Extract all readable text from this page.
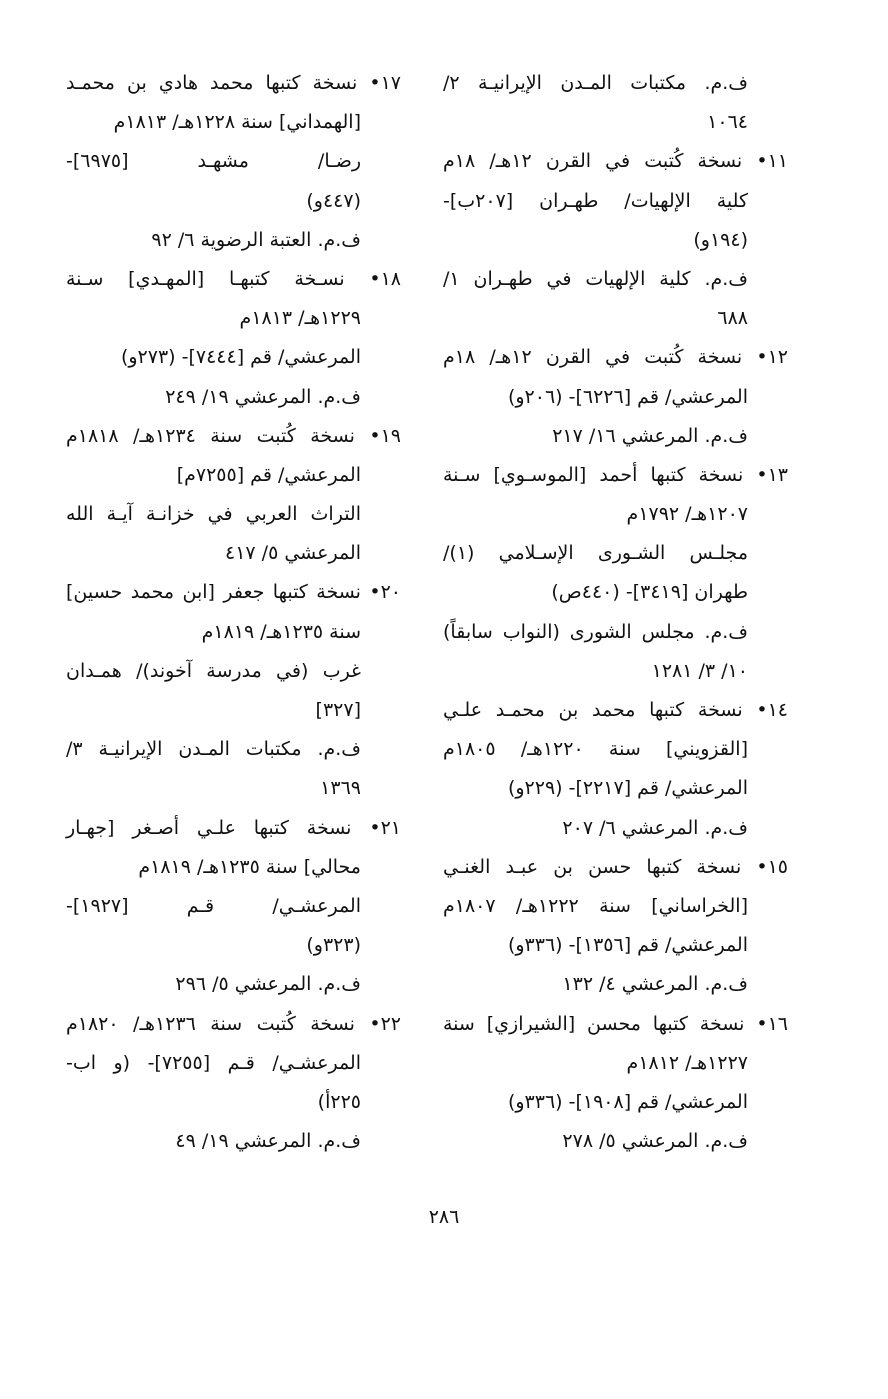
ف.م. مكتبات المـدن الإيرانيـة ٢/
١٠٦٤
١١• نسخة كُتبت في القرن ١٢هـ/ ١٨م
كلية الإلهيات/ طهـران [٢٠٧ب]-
(١٩٤و)
ف.م. كلية الإلهيات في طهـران ١/
٦٨٨
١٢• نسخة كُتبت في القرن ١٢هـ/ ١٨م
المرعشي/ قم [٦٢٢٦]- (٢٠٦و)
ف.م. المرعشي ١٦/ ٢١٧
١٣• نسخة كتبها أحمد [الموسـوي] سـنة
١٢٠٧هـ/ ١٧٩٢م
مجلـس الشـورى الإسـلامي (١)/
طهران [٣٤١٩]- (٤٤٠ص)
ف.م. مجلس الشورى (النواب سابقاً)
١٠/ ٣/ ١٢٨١
١٤• نسخة كتبها محمد بن محمـد علـي
[القزويني] سنة ١٢٢٠هـ/ ١٨٠٥م
المرعشي/ قم [٢٢١٧]- (٢٢٩و)
ف.م. المرعشي ٦/ ٢٠٧
١٥• نسخة كتبها حسن بن عبـد الغنـي
[الخراساني] سنة ١٢٢٢هـ/ ١٨٠٧م
المرعشي/ قم [١٣٥٦]- (٣٣٦و)
ف.م. المرعشي ٤/ ١٣٢
١٦• نسخة كتبها محسن [الشيرازي] سنة
١٢٢٧هـ/ ١٨١٢م
المرعشي/ قم [١٩٠٨]- (٣٣٦و)
ف.م. المرعشي ٥/ ٢٧٨
١٧• نسخة كتبها محمد هادي بن محمـد
[الهمداني] سنة ١٢٢٨هـ/ ١٨١٣م
رضـا/ مشهـد [٦٩٧٥]-
(٤٤٧و)
ف.م. العتبة الرضوية ٦/ ٩٢
١٨• نسـخة كتبهـا [المهـدي] سـنة
١٢٢٩هـ/ ١٨١٣م
المرعشي/ قم [٧٤٤٤]- (٢٧٣و)
ف.م. المرعشي ١٩/ ٢٤٩
١٩• نسخة كُتبت سنة ١٢٣٤هـ/ ١٨١٨م
المرعشي/ قم [٧٢٥٥م]
التراث العربي في خزانـة آيـة الله
المرعشي ٥/ ٤١٧
٢٠• نسخة كتبها جعفر [ابن محمد حسين]
سنة ١٢٣٥هـ/ ١٨١٩م
غرب (في مدرسة آخوند)/ همـدان
[٣٢٧]
ف.م. مكتبات المـدن الإيرانيـة ٣/
١٣٦٩
٢١• نسخة كتبها علـي أصـغر [جهـار
محالي] سنة ١٢٣٥هـ/ ١٨١٩م
المرعشـي/ قـم [١٩٢٧]-
(٣٢٣و)
ف.م. المرعشي ٥/ ٢٩٦
٢٢• نسخة كُتبت سنة ١٢٣٦هـ/ ١٨٢٠م
المرعشـي/ قـم [٧٢٥٥]- (و اب-
٢٢٥أ)
ف.م. المرعشي ١٩/ ٤٩
٢٨٦
